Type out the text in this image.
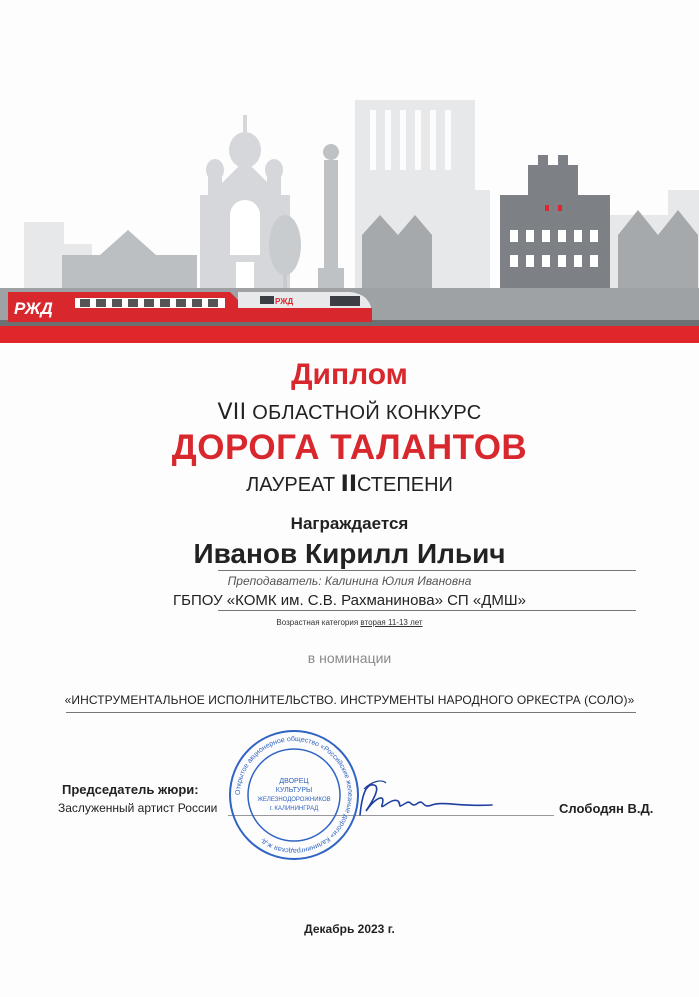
РЖД
РЖД
Диплом
VII ОБЛАСТНОЙ КОНКУРС
ДОРОГА ТАЛАНТОВ
ЛАУРЕАТ IIСТЕПЕНИ
Награждается
Иванов Кирилл Ильич
Преподаватель: Калинина Юлия Ивановна
ГБПОУ «КОМК им. С.В. Рахманинова» СП «ДМШ»
Возрастная категория вторая 11-13 лет
в номинации
«ИНСТРУМЕНТАЛЬНОЕ ИСПОЛНИТЕЛЬСТВО. ИНСТРУМЕНТЫ НАРОДНОГО ОРКЕСТРА (СОЛО)»
Председатель жюри:
Заслуженный артист России	Слободян В.Д.
Открытое акционерное общество «Российские железные дороги» Калининградская ж.д.
ДВОРЕЦ
КУЛЬТУРЫ
ЖЕЛЕЗНОДОРОЖНИКОВ
г. КАЛИНИНГРАД
Декабрь 2023 г.
